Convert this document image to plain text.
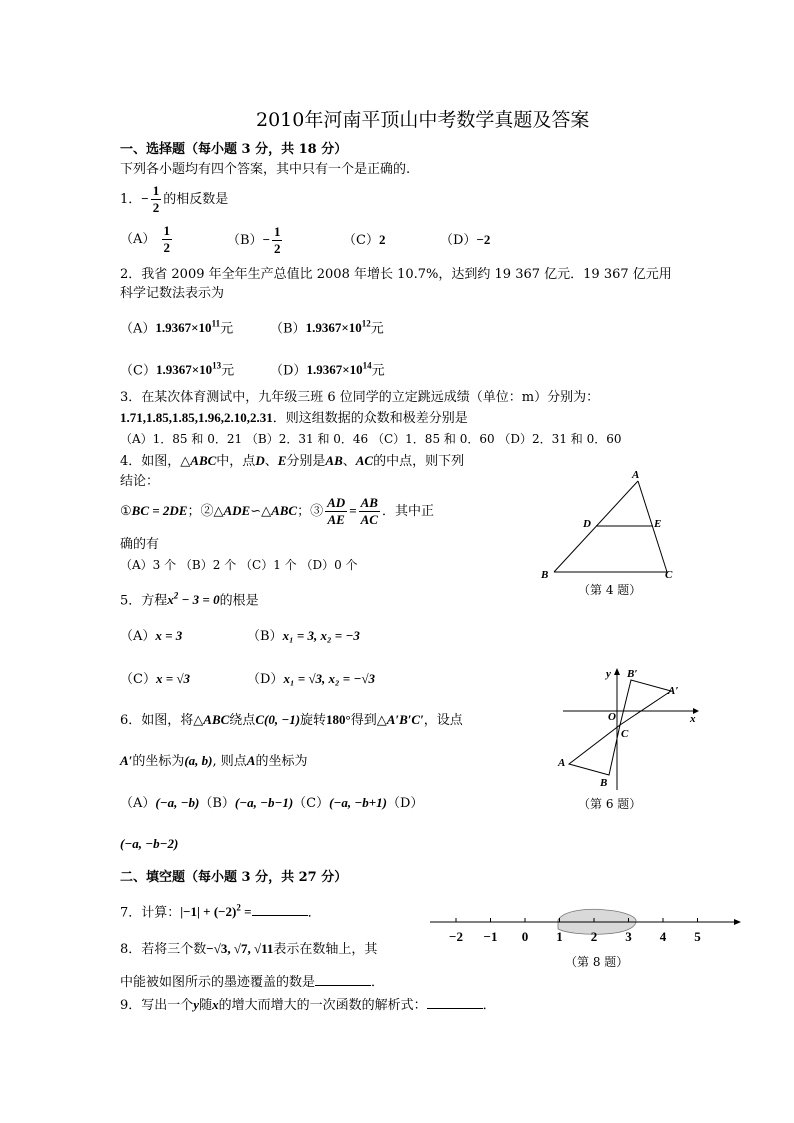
2010年河南平顶山中考数学真题及答案
一、选择题（每小题 3 分，共 18 分）
下列各小题均有四个答案，其中只有一个是正确的.
1．− $\frac{1}{2}$ 的相反数是
$(A) \frac{1}{2}$	$(B)- \frac{1}{2}$	（C）2	（D）−2
2．我省 2009 年全年生产总值比 2008 年增长 10.7%，达到约 19 367 亿元．19 367 亿元用
科学记数法表示为
$(A)1.9367\times 10^{11}$元	$(B)1.9367\times 10^{12}$元
$(C)1.9367\times 10^{13}$元	$(D)1.9367\times 10^{14}$元
3．在某次体育测试中，九年级三班 6 位同学的立定跳远成绩（单位：m）分别为：
1.71,1.85,1.85,1.96,2.10,2.31．则这组数据的众数和极差分别是
（A）1．85 和 0．21 （B）2．31 和 0．46 （C）1．85 和 0．60 （D）2．31 和 0．60
4．如图，△ABC中，点D、E分别是AB、AC的中点，则下列
结论：
①BC = 2DE；②△ADE∽△ABC；③ $\frac{AD}{AE} = \frac{AB}{AC}$ ．其中正
确的有
（A）3 个 （B）2 个 （C）1 个 （D）0 个
A
B	C
D	E
（第 4 题）
5．方程$x^2 - 3 = 0$的根是
（A）x = 3	（B）x₁ = 3, x₂ = −3
（C）x = √3	（D）x₁ = √3, x₂ = −√3	y
x
O
C
A
B
A′
B′
（第 6 题）
6．如图，将△ABC绕点C(0, −1)旋转180°得到△A′B′C′，设点
A′的坐标为(a, b), 则点A的坐标为
（A）(−a, −b)（B）(−a, −b−1)（C）(−a, −b+1)（D）
(−a, −b−2)
二、填空题（每小题 3 分，共 27 分）
7．计算：$|-1| + (-2)^2$ =	．
−2 −1 0 1 2 3 4 5
（第 8 题）
8．若将三个数−√3, √7, √11表示在数轴上，其
中能被如图所示的墨迹覆盖的数是	．
9．写出一个y随x的增大而增大的一次函数的解析式：	．
